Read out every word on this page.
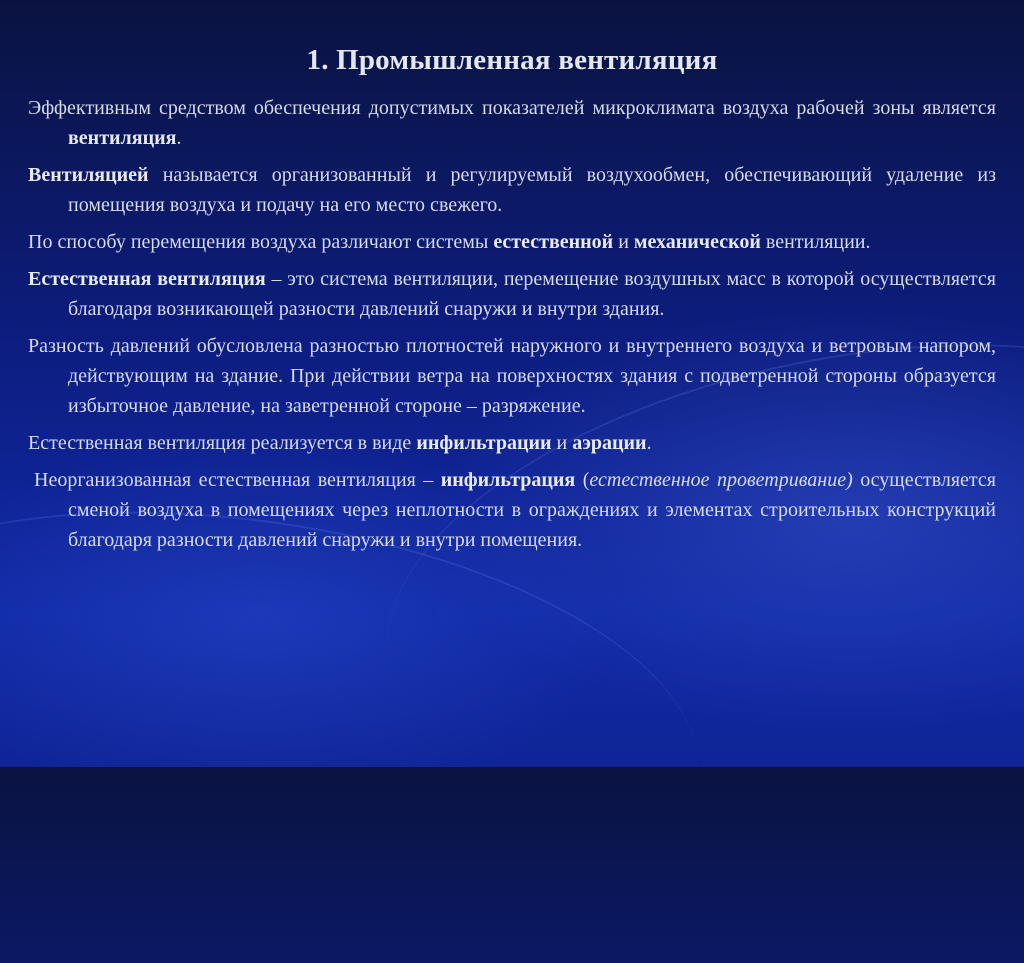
1. Промышленная вентиляция

Эффективным средством обеспечения допустимых показателей микроклимата воздуха рабочей зоны является вентиляция.

Вентиляцией называется организованный и регулируемый воздухообмен, обеспечивающий удаление из помещения воздуха и подачу на его место свежего.

По способу перемещения воздуха различают системы естественной и механической вентиляции.

Естественная вентиляция – это система вентиляции, перемещение воздушных масс в которой осуществляется благодаря возникающей разности давлений снаружи и внутри здания.

Разность давлений обусловлена разностью плотностей наружного и внутреннего воздуха и ветровым напором, действующим на здание. При действии ветра на поверхностях здания с подветренной стороны образуется избыточное давление, на заветренной стороне – разряжение.

Естественная вентиляция реализуется в виде инфильтрации и аэрации.

Неорганизованная естественная вентиляция – инфильтрация (естественное проветривание) осуществляется сменой воздуха в помещениях через неплотности в ограждениях и элементах строительных конструкций благодаря разности давлений снаружи и внутри помещения.
